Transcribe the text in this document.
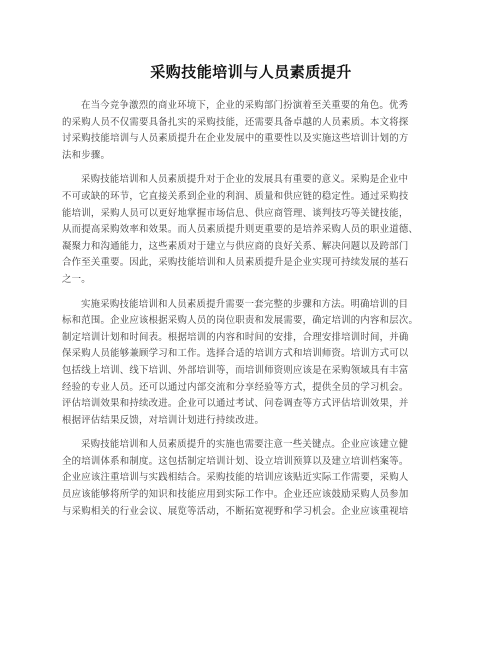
采购技能培训与人员素质提升
在当今竞争激烈的商业环境下，企业的采购部门扮演着至关重要的角色。优秀
的采购人员不仅需要具备扎实的采购技能，还需要具备卓越的人员素质。本文将探
讨采购技能培训与人员素质提升在企业发展中的重要性以及实施这些培训计划的方
法和步骤。
采购技能培训和人员素质提升对于企业的发展具有重要的意义。采购是企业中
不可或缺的环节，它直接关系到企业的利润、质量和供应链的稳定性。通过采购技
能培训，采购人员可以更好地掌握市场信息、供应商管理、谈判技巧等关键技能，
从而提高采购效率和效果。而人员素质提升则更重要的是培养采购人员的职业道德、
凝聚力和沟通能力，这些素质对于建立与供应商的良好关系、解决问题以及跨部门
合作至关重要。因此，采购技能培训和人员素质提升是企业实现可持续发展的基石
之一。
实施采购技能培训和人员素质提升需要一套完整的步骤和方法。明确培训的目
标和范围。企业应该根据采购人员的岗位职责和发展需要，确定培训的内容和层次。
制定培训计划和时间表。根据培训的内容和时间的安排，合理安排培训时间，并确
保采购人员能够兼顾学习和工作。选择合适的培训方式和培训师资。培训方式可以
包括线上培训、线下培训、外部培训等，而培训师资则应该是在采购领域具有丰富
经验的专业人员。还可以通过内部交流和分享经验等方式，提供全员的学习机会。
评估培训效果和持续改进。企业可以通过考试、问卷调查等方式评估培训效果，并
根据评估结果反馈，对培训计划进行持续改进。
采购技能培训和人员素质提升的实施也需要注意一些关键点。企业应该建立健
全的培训体系和制度。这包括制定培训计划、设立培训预算以及建立培训档案等。
企业应该注重培训与实践相结合。采购技能的培训应该贴近实际工作需要，采购人
员应该能够将所学的知识和技能应用到实际工作中。企业还应该鼓励采购人员参加
与采购相关的行业会议、展览等活动，不断拓宽视野和学习机会。企业应该重视培
